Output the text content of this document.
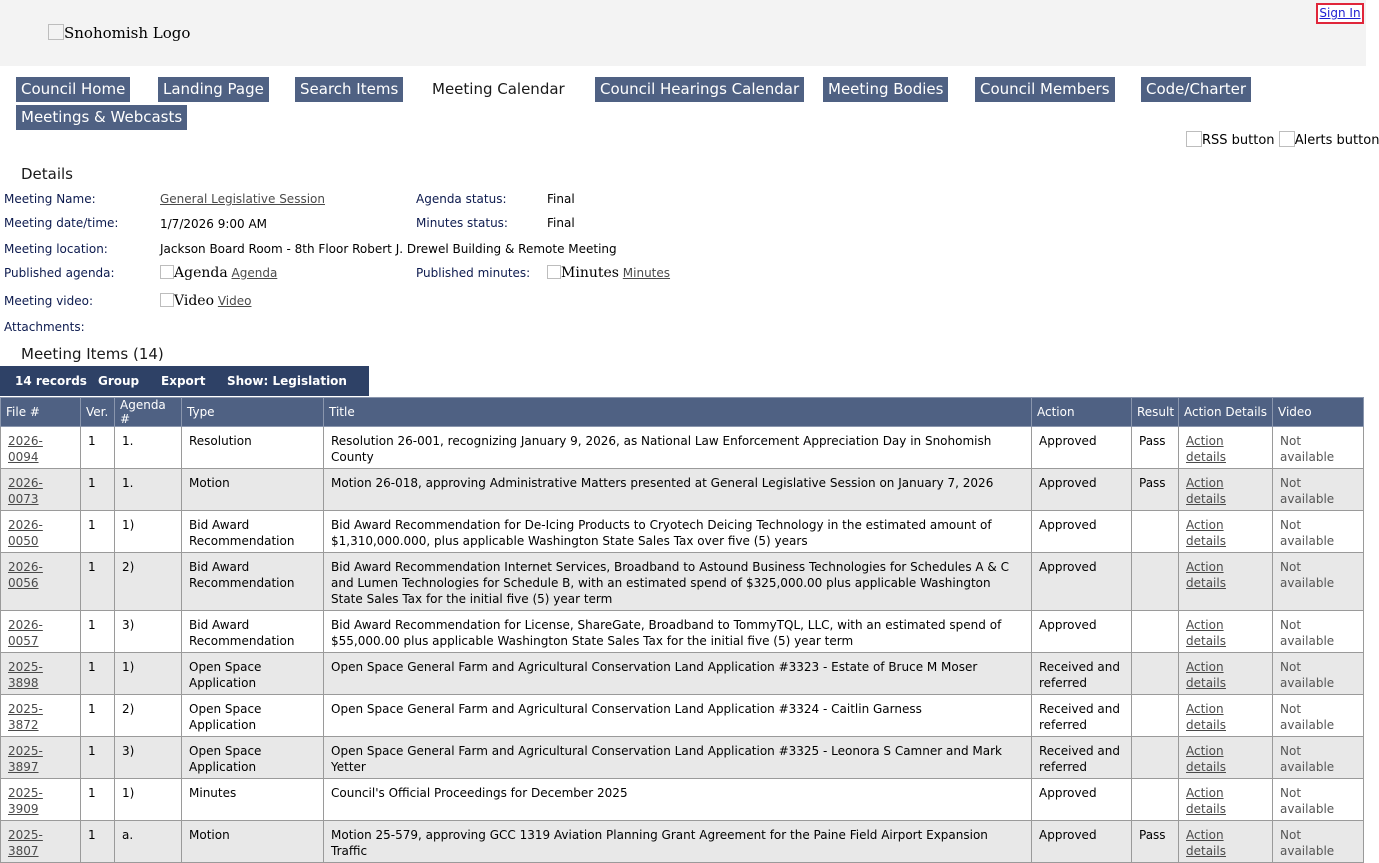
Snohomish Logo
Sign In
Council Home	Landing Page	Search Items	Meeting Calendar	Council Hearings Calendar	Meeting Bodies	Council Members	Code/Charter
Meetings & Webcasts
RSS button Alerts button
Details
Meeting Name:	General Legislative Session	Agenda status:	Final
Meeting date/time:	1/7/2026 9:00 AM	Minutes status:	Final
Meeting location:	Jackson Board Room - 8th Floor Robert J. Drewel Building & Remote Meeting
Published agenda:	Agenda Agenda	Published minutes:	Minutes Minutes
Meeting video:	Video Video
Attachments:
Meeting Items (14)
14 records Group Export Show: Legislation
File #	Ver.	Agenda #	Type	Title	Action	Result	Action Details	Video
2026-0094	1	1.	Resolution	Resolution 26-001, recognizing January 9, 2026, as National Law Enforcement Appreciation Day in Snohomish County	Approved	Pass	Action details	Not available
2026-0073	1	1.	Motion	Motion 26-018, approving Administrative Matters presented at General Legislative Session on January 7, 2026	Approved	Pass	Action details	Not available
2026-0050	1	1)	Bid Award Recommendation	Bid Award Recommendation for De-Icing Products to Cryotech Deicing Technology in the estimated amount of $1,310,000.000, plus applicable Washington State Sales Tax over five (5) years	Approved		Action details	Not available
2026-0056	1	2)	Bid Award Recommendation	Bid Award Recommendation Internet Services, Broadband to Astound Business Technologies for Schedules A & C and Lumen Technologies for Schedule B, with an estimated spend of $325,000.00 plus applicable Washington State Sales Tax for the initial five (5) year term	Approved		Action details	Not available
2026-0057	1	3)	Bid Award Recommendation	Bid Award Recommendation for License, ShareGate, Broadband to TommyTQL, LLC, with an estimated spend of $55,000.00 plus applicable Washington State Sales Tax for the initial five (5) year term	Approved		Action details	Not available
2025-3898	1	1)	Open Space Application	Open Space General Farm and Agricultural Conservation Land Application #3323 - Estate of Bruce M Moser	Received and referred		Action details	Not available
2025-3872	1	2)	Open Space Application	Open Space General Farm and Agricultural Conservation Land Application #3324 - Caitlin Garness	Received and referred		Action details	Not available
2025-3897	1	3)	Open Space Application	Open Space General Farm and Agricultural Conservation Land Application #3325 - Leonora S Camner and Mark Yetter	Received and referred		Action details	Not available
2025-3909	1	1)	Minutes	Council's Official Proceedings for December 2025	Approved		Action details	Not available
2025-3807	1	a.	Motion	Motion 25-579, approving GCC 1319 Aviation Planning Grant Agreement for the Paine Field Airport Expansion Traffic	Approved	Pass	Action details	Not available
